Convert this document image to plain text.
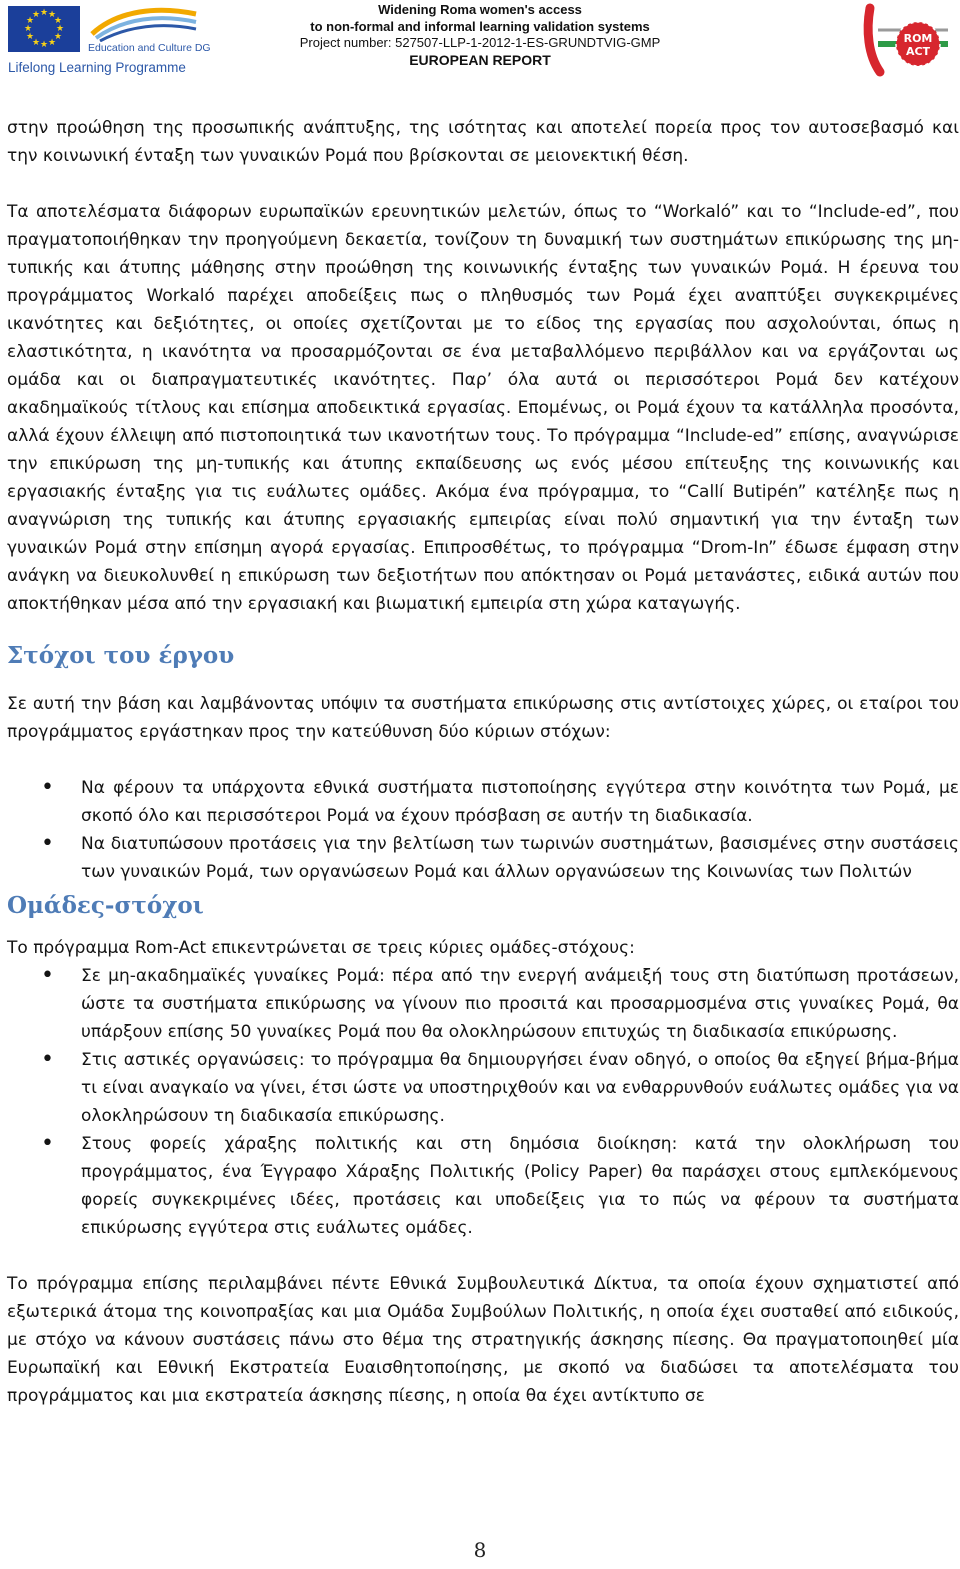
★ ★
★
★
★
★
★
★
★
★
★
★
Education and Culture DG
Lifelong Learning Programme
Widening Roma women's access
to non-formal and informal learning validation systems
Project number: 527507-LLP-1-2012-1-ES-GRUNDTVIG-GMP
EUROPEAN REPORT
ROM
ACT

στην προώθηση της προσωπικής ανάπτυξης, της ισότητας και αποτελεί πορεία προς τον αυτοσεβασμό και την κοινωνική ένταξη των γυναικών Ρομά που βρίσκονται σε μειονεκτική θέση.

Τα αποτελέσματα διάφορων ευρωπαϊκών ερευνητικών μελετών, όπως το “Workaló” και το “Include-ed”, που πραγματοποιήθηκαν την προηγούμενη δεκαετία, τονίζουν τη δυναμική των συστημάτων επικύρωσης της μη-τυπικής και άτυπης μάθησης στην προώθηση της κοινωνικής ένταξης των γυναικών Ρομά. Η έρευνα του προγράμματος Workaló παρέχει αποδείξεις πως ο πληθυσμός των Ρομά έχει αναπτύξει συγκεκριμένες ικανότητες και δεξιότητες, οι οποίες σχετίζονται με το είδος της εργασίας που ασχολούνται, όπως η ελαστικότητα, η ικανότητα να προσαρμόζονται σε ένα μεταβαλλόμενο περιβάλλον και να εργάζονται ως ομάδα και οι διαπραγματευτικές ικανότητες. Παρ’ όλα αυτά οι περισσότεροι Ρομά δεν κατέχουν ακαδημαϊκούς τίτλους και επίσημα αποδεικτικά εργασίας. Επομένως, οι Ρομά έχουν τα κατάλληλα προσόντα, αλλά έχουν έλλειψη από πιστοποιητικά των ικανοτήτων τους. Το πρόγραμμα “Include-ed” επίσης, αναγνώρισε την επικύρωση της μη-τυπικής και άτυπης εκπαίδευσης ως ενός μέσου επίτευξης της κοινωνικής και εργασιακής ένταξης για τις ευάλωτες ομάδες. Ακόμα ένα πρόγραμμα, το “Callí Butipén” κατέληξε πως η αναγνώριση της τυπικής και άτυπης εργασιακής εμπειρίας είναι πολύ σημαντική για την ένταξη των γυναικών Ρομά στην επίσημη αγορά εργασίας. Επιπροσθέτως, το πρόγραμμα “Drom-In” έδωσε έμφαση στην ανάγκη να διευκολυνθεί η επικύρωση των δεξιοτήτων που απόκτησαν οι Ρομά μετανάστες, ειδικά αυτών που αποκτήθηκαν μέσα από την εργασιακή και βιωματική εμπειρία στη χώρα καταγωγής.

Στόχοι του έργου

Σε αυτή την βάση και λαμβάνοντας υπόψιν τα συστήματα επικύρωσης στις αντίστοιχες χώρες, οι εταίροι του προγράμματος εργάστηκαν προς την κατεύθυνση δύο κύριων στόχων:

• Να φέρουν τα υπάρχοντα εθνικά συστήματα πιστοποίησης εγγύτερα στην κοινότητα των Ρομά, με σκοπό όλο και περισσότεροι Ρομά να έχουν πρόσβαση σε αυτήν τη διαδικασία.
• Να διατυπώσουν προτάσεις για την βελτίωση των τωρινών συστημάτων, βασισμένες στην συστάσεις των γυναικών Ρομά, των οργανώσεων Ρομά και άλλων οργανώσεων της Κοινωνίας των Πολιτών
Ομάδες-στόχοι

Το πρόγραμμα Rom-Act επικεντρώνεται σε τρεις κύριες ομάδες-στόχους:

• Σε μη-ακαδημαϊκές γυναίκες Ρομά: πέρα από την ενεργή ανάμειξή τους στη διατύπωση προτάσεων, ώστε τα συστήματα επικύρωσης να γίνουν πιο προσιτά και προσαρμοσμένα στις γυναίκες Ρομά, θα υπάρξουν επίσης 50 γυναίκες Ρομά που θα ολοκληρώσουν επιτυχώς τη διαδικασία επικύρωσης.
• Στις αστικές οργανώσεις: το πρόγραμμα θα δημιουργήσει έναν οδηγό, ο οποίος θα εξηγεί βήμα-βήμα τι είναι αναγκαίο να γίνει, έτσι ώστε να υποστηριχθούν και να ενθαρρυνθούν ευάλωτες ομάδες για να ολοκληρώσουν τη διαδικασία επικύρωσης.
• Στους φορείς χάραξης πολιτικής και στη δημόσια διοίκηση: κατά την ολοκλήρωση του προγράμματος, ένα Έγγραφο Χάραξης Πολιτικής (Policy Paper) θα παράσχει στους εμπλεκόμενους φορείς συγκεκριμένες ιδέες, προτάσεις και υποδείξεις για το πώς να φέρουν τα συστήματα επικύρωσης εγγύτερα στις ευάλωτες ομάδες.

Το πρόγραμμα επίσης περιλαμβάνει πέντε Εθνικά Συμβουλευτικά Δίκτυα, τα οποία έχουν σχηματιστεί από εξωτερικά άτομα της κοινοπραξίας και μια Ομάδα Συμβούλων Πολιτικής, η οποία έχει συσταθεί από ειδικούς, με στόχο να κάνουν συστάσεις πάνω στο θέμα της στρατηγικής άσκησης πίεσης. Θα πραγματοποιηθεί μία Ευρωπαϊκή και Εθνική Εκστρατεία Ευαισθητοποίησης, με σκοπό να διαδώσει τα αποτελέσματα του προγράμματος και μια εκστρατεία άσκησης πίεσης, η οποία θα έχει αντίκτυπο σε

8
